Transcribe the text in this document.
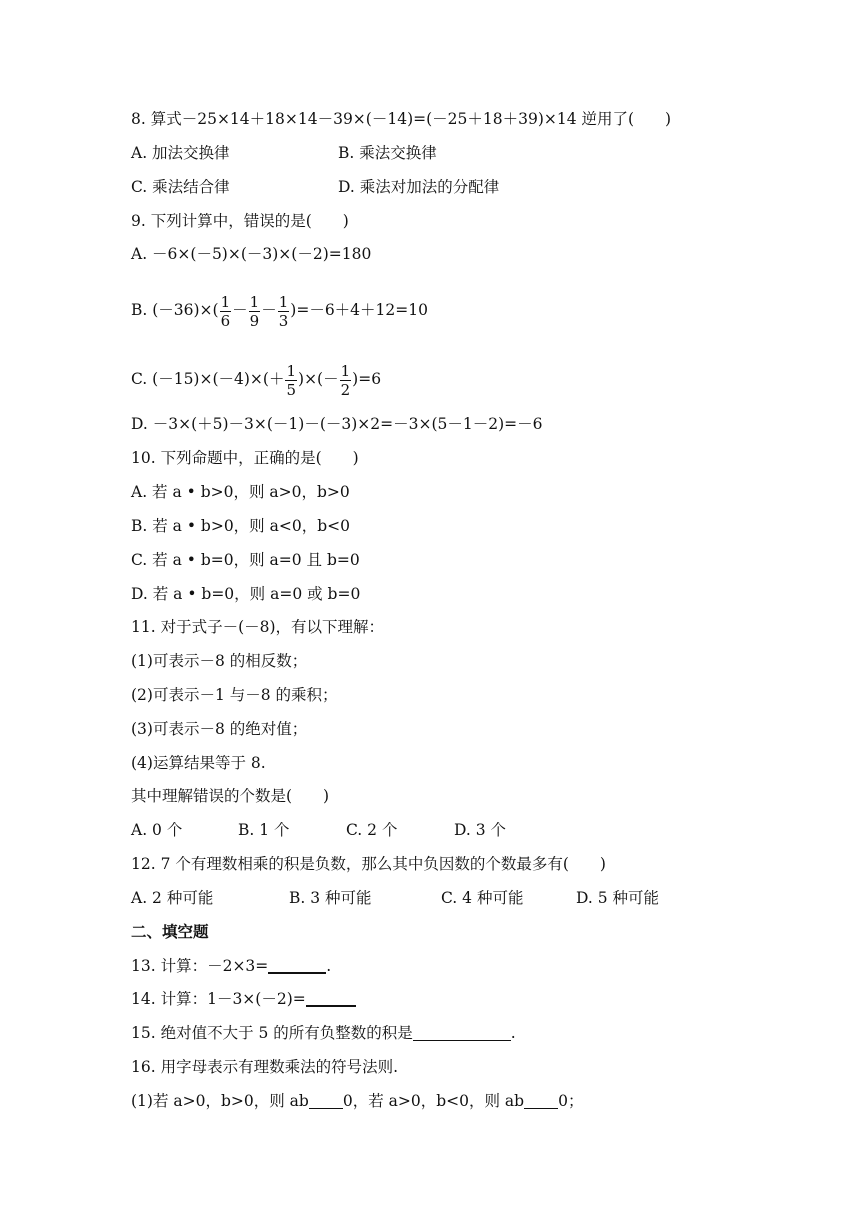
8. 算式－25×14＋18×14－39×(－14)=(－25＋18＋39)×14 逆用了(　　)
A. 加法交换律	B. 乘法交换律
C. 乘法结合律	D. 乘法对加法的分配律
9. 下列计算中，错误的是(　　)
A. －6×(－5)×(－3)×(－2)=180
B. $(-36)\times( \frac{1}{6} - \frac{1}{9} - \frac{1}{3} )=-6+4+12=10$
C. $(-15)\times(-4)\times(+ \frac{1}{5}$ )×(－ $\frac{1}{2} )=6$
D. －3×(＋5)－3×(－1)－(－3)×2=－3×(5－1－2)=－6
10. 下列命题中，正确的是(　　)
A. 若 a • b>0，则 a>0，b>0
B. 若 a • b>0，则 a<0，b<0
C. 若 a • b=0，则 a=0 且 b=0
D. 若 a • b=0，则 a=0 或 b=0
11. 对于式子－(－8)，有以下理解：
(1)可表示－8 的相反数；
(2)可表示－1 与－8 的乘积；
(3)可表示－8 的绝对值；
(4)运算结果等于 8.
其中理解错误的个数是(　　)
A. 0 个	B. 1 个	C. 2 个	D. 3 个
12. 7 个有理数相乘的积是负数，那么其中负因数的个数最多有(　　)
A. 2 种可能	B. 3 种可能	C. 4 种可能	D. 5 种可能
二、填空题
13. 计算：－2×3=	.
14. 计算：1－3×(－2)=
15. 绝对值不大于 5 的所有负整数的积是	.
16. 用字母表示有理数乘法的符号法则.
(1)若 a>0，b>0，则 ab 0，若 a>0，b<0，则 ab 0；
